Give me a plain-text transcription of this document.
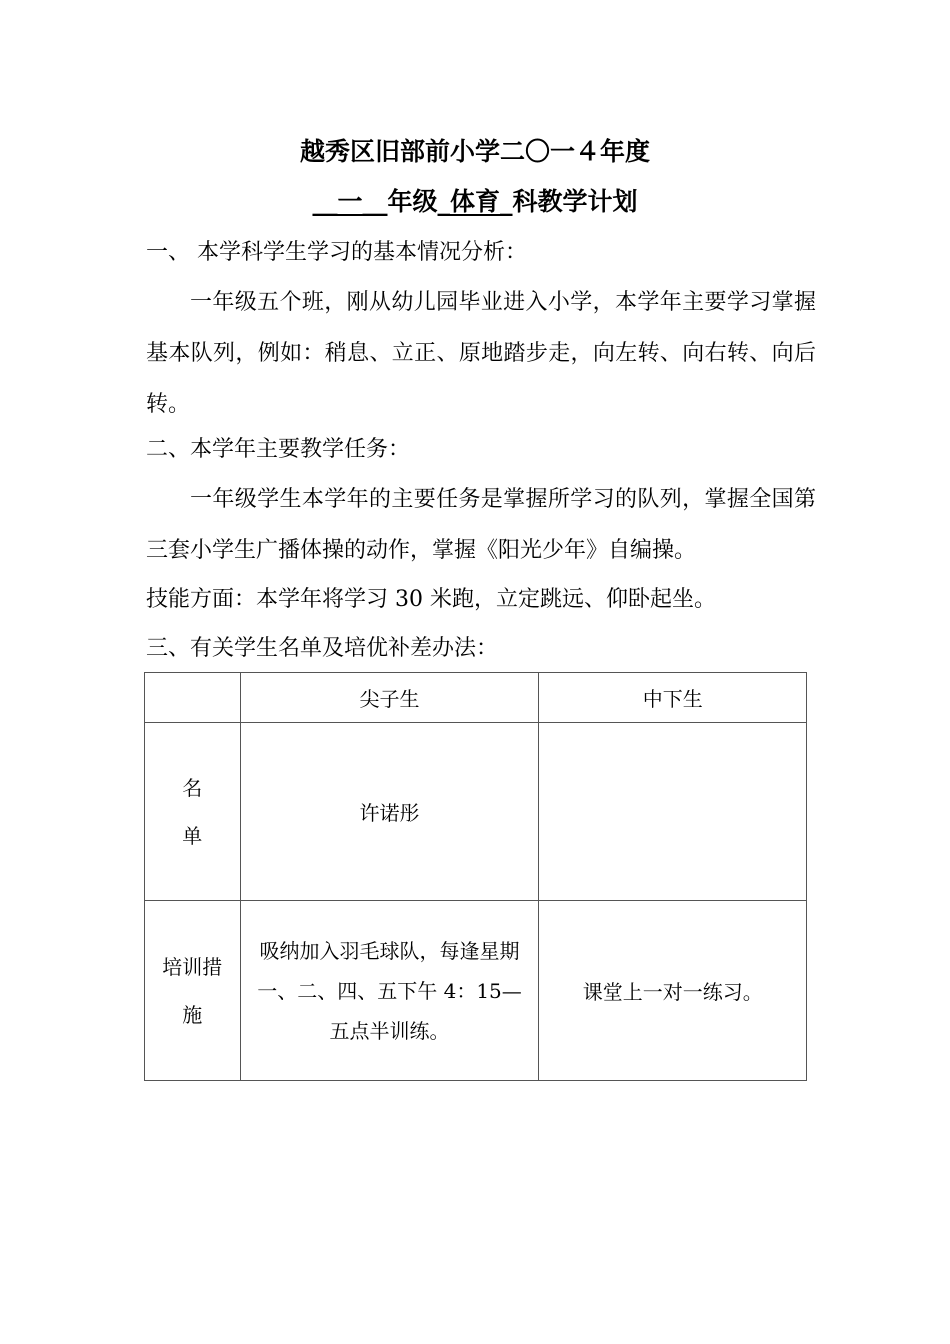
越秀区旧部前小学二〇一４年度
__一__年级_体育_科教学计划
一、 本学科学生学习的基本情况分析：
一年级五个班，刚从幼儿园毕业进入小学，本学年主要学习掌握基本队列，例如：稍息、立正、原地踏步走，向左转、向右转、向后转。
二、本学年主要教学任务：
一年级学生本学年的主要任务是掌握所学习的队列，掌握全国第三套小学生广播体操的动作，掌握《阳光少年》自编操。
技能方面：本学年将学习 30 米跑，立定跳远、仰卧起坐。
三、有关学生名单及培优补差办法：
	尖子生	中下生

名
单	许诺彤	

培训措
施	吸纳加入羽毛球队，每逢星期一、二、四、五下午 4：15—五点半训练。	课堂上一对一练习。
